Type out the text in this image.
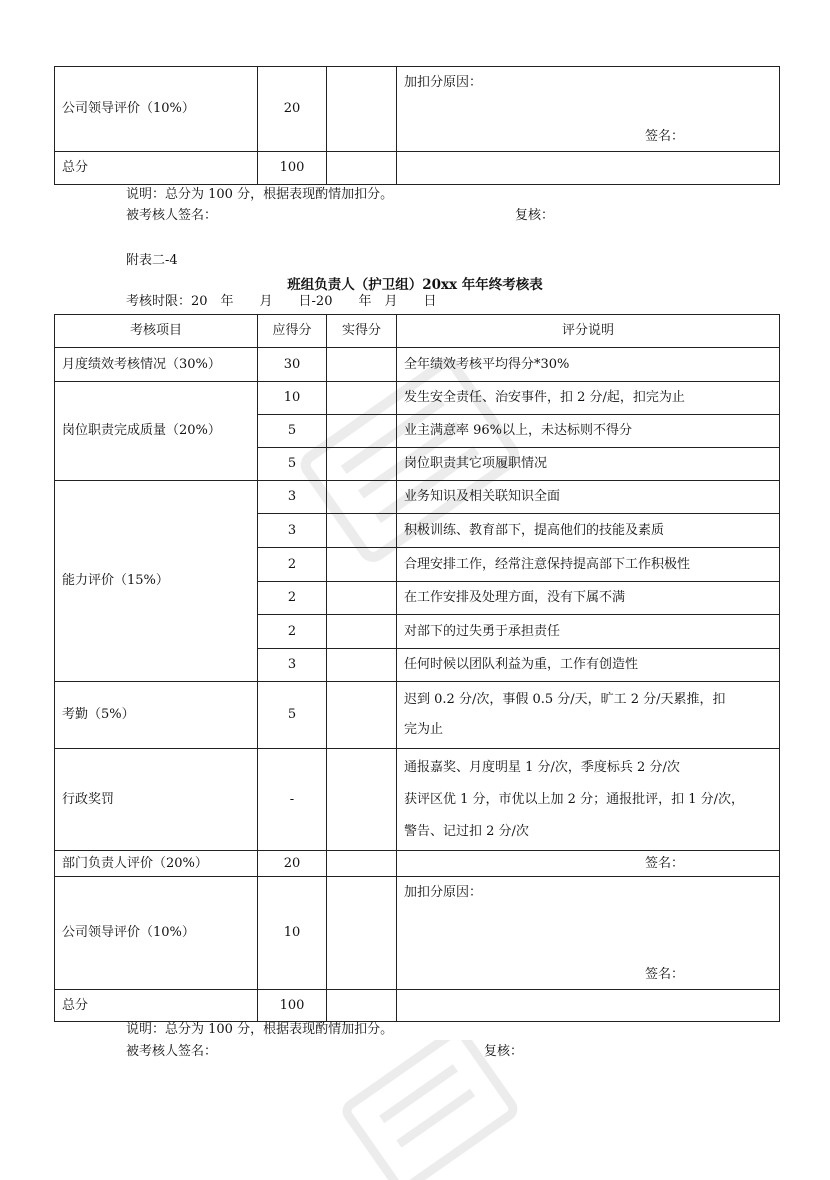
公司领导评价（10%）	20		加扣分原因：
签名：

总分	100		
说明：总分为 100 分，根据表现酌情加扣分。
被考核人签名：	复核：
附表二-4
班组负责人（护卫组）20xx 年年终考核表
考核时限：20　年　　月　　日-20　　年　月　　日
考核项目	应得分	实得分	评分说明
月度绩效考核情况（30%）	30		全年绩效考核平均得分*30%
岗位职责完成质量（20%）	10		发生安全责任、治安事件，扣 2 分/起，扣完为止
	5		业主满意率 96%以上，未达标则不得分
	5		岗位职责其它项履职情况
能力评价（15%）	3		业务知识及相关联知识全面
	3		积极训练、教育部下，提高他们的技能及素质
	2		合理安排工作，经常注意保持提高部下工作积极性
	2		在工作安排及处理方面，没有下属不满
	2		对部下的过失勇于承担责任
	3		任何时候以团队利益为重，工作有创造性
考勤（5%）	5		迟到 0.2 分/次，事假 0.5 分/天，旷工 2 分/天累推，扣
完为止

行政奖罚	-		通报嘉奖、月度明星 1 分/次，季度标兵 2 分/次
获评区优 1 分，市优以上加 2 分；通报批评，扣 1 分/次，
警告、记过扣 2 分/次

部门负责人评价（20%）	20		签名：

公司领导评价（10%）	10		加扣分原因：
签名：

总分	100		
说明：总分为 100 分，根据表现酌情加扣分。
被考核人签名：	复核：
